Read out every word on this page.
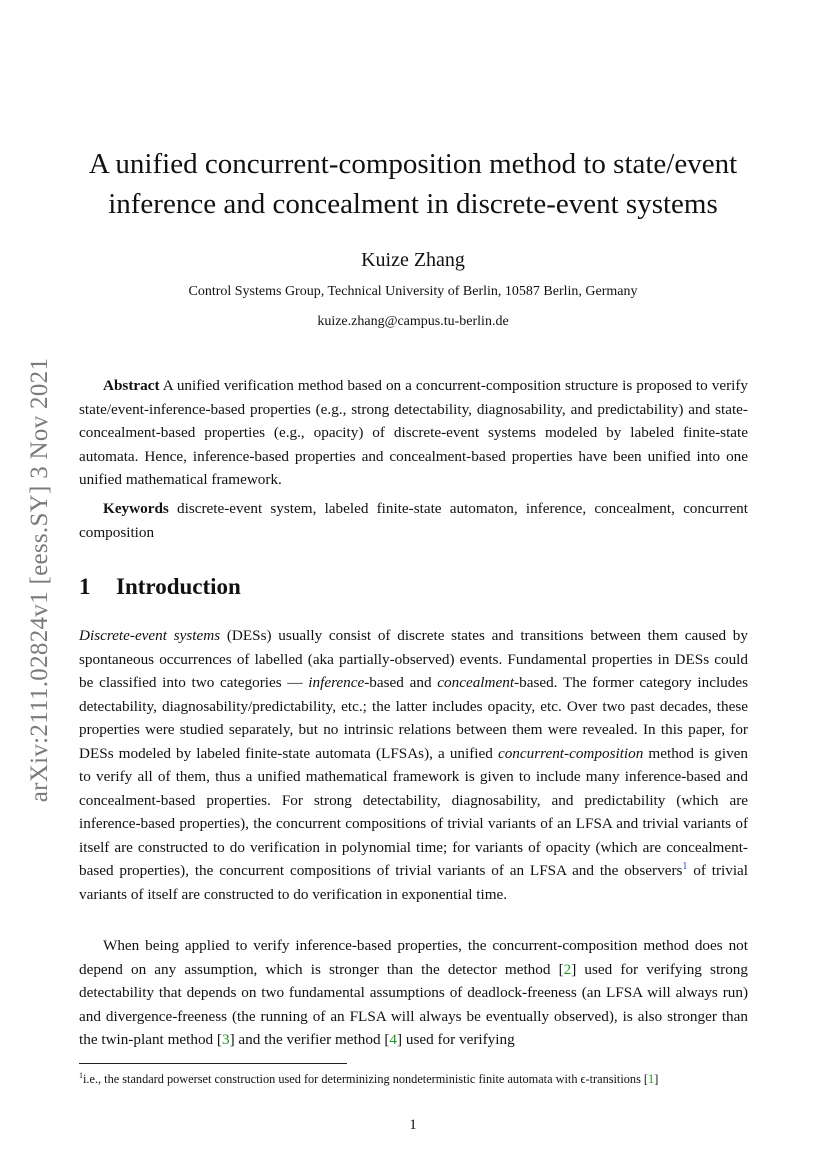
arXiv:2111.02824v1 [eess.SY] 3 Nov 2021
A unified concurrent-composition method to state/event inference and concealment in discrete-event systems
Kuize Zhang
Control Systems Group, Technical University of Berlin, 10587 Berlin, Germany
kuize.zhang@campus.tu-berlin.de
Abstract A unified verification method based on a concurrent-composition structure is proposed to verify state/event-inference-based properties (e.g., strong detectability, diagnosability, and predictability) and state-concealment-based properties (e.g., opacity) of discrete-event systems modeled by labeled finite-state automata. Hence, inference-based properties and concealment-based properties have been unified into one unified mathematical framework.
Keywords discrete-event system, labeled finite-state automaton, inference, concealment, concurrent composition
1 Introduction
Discrete-event systems (DESs) usually consist of discrete states and transitions between them caused by spontaneous occurrences of labelled (aka partially-observed) events. Fundamental properties in DESs could be classified into two categories — inference-based and concealment-based. The former category includes detectability, diagnosability/predictability, etc.; the latter includes opacity, etc. Over two past decades, these properties were studied separately, but no intrinsic relations between them were revealed. In this paper, for DESs modeled by labeled finite-state automata (LFSAs), a unified concurrent-composition method is given to verify all of them, thus a unified mathematical framework is given to include many inference-based and concealment-based properties. For strong detectability, diagnosability, and predictability (which are inference-based properties), the concurrent compositions of trivial variants of an LFSA and trivial variants of itself are constructed to do verification in polynomial time; for variants of opacity (which are concealment-based properties), the concurrent compositions of trivial variants of an LFSA and the observers$^1$ of trivial variants of itself are constructed to do verification in exponential time.
When being applied to verify inference-based properties, the concurrent-composition method does not depend on any assumption, which is stronger than the detector method [2] used for verifying strong detectability that depends on two fundamental assumptions of deadlock-freeness (an LFSA will always run) and divergence-freeness (the running of an FLSA will always be eventually observed), is also stronger than the twin-plant method [3] and the verifier method [4] used for verifying
$^1$i.e., the standard powerset construction used for determinizing nondeterministic finite automata with ϵ-transitions [1]
1
